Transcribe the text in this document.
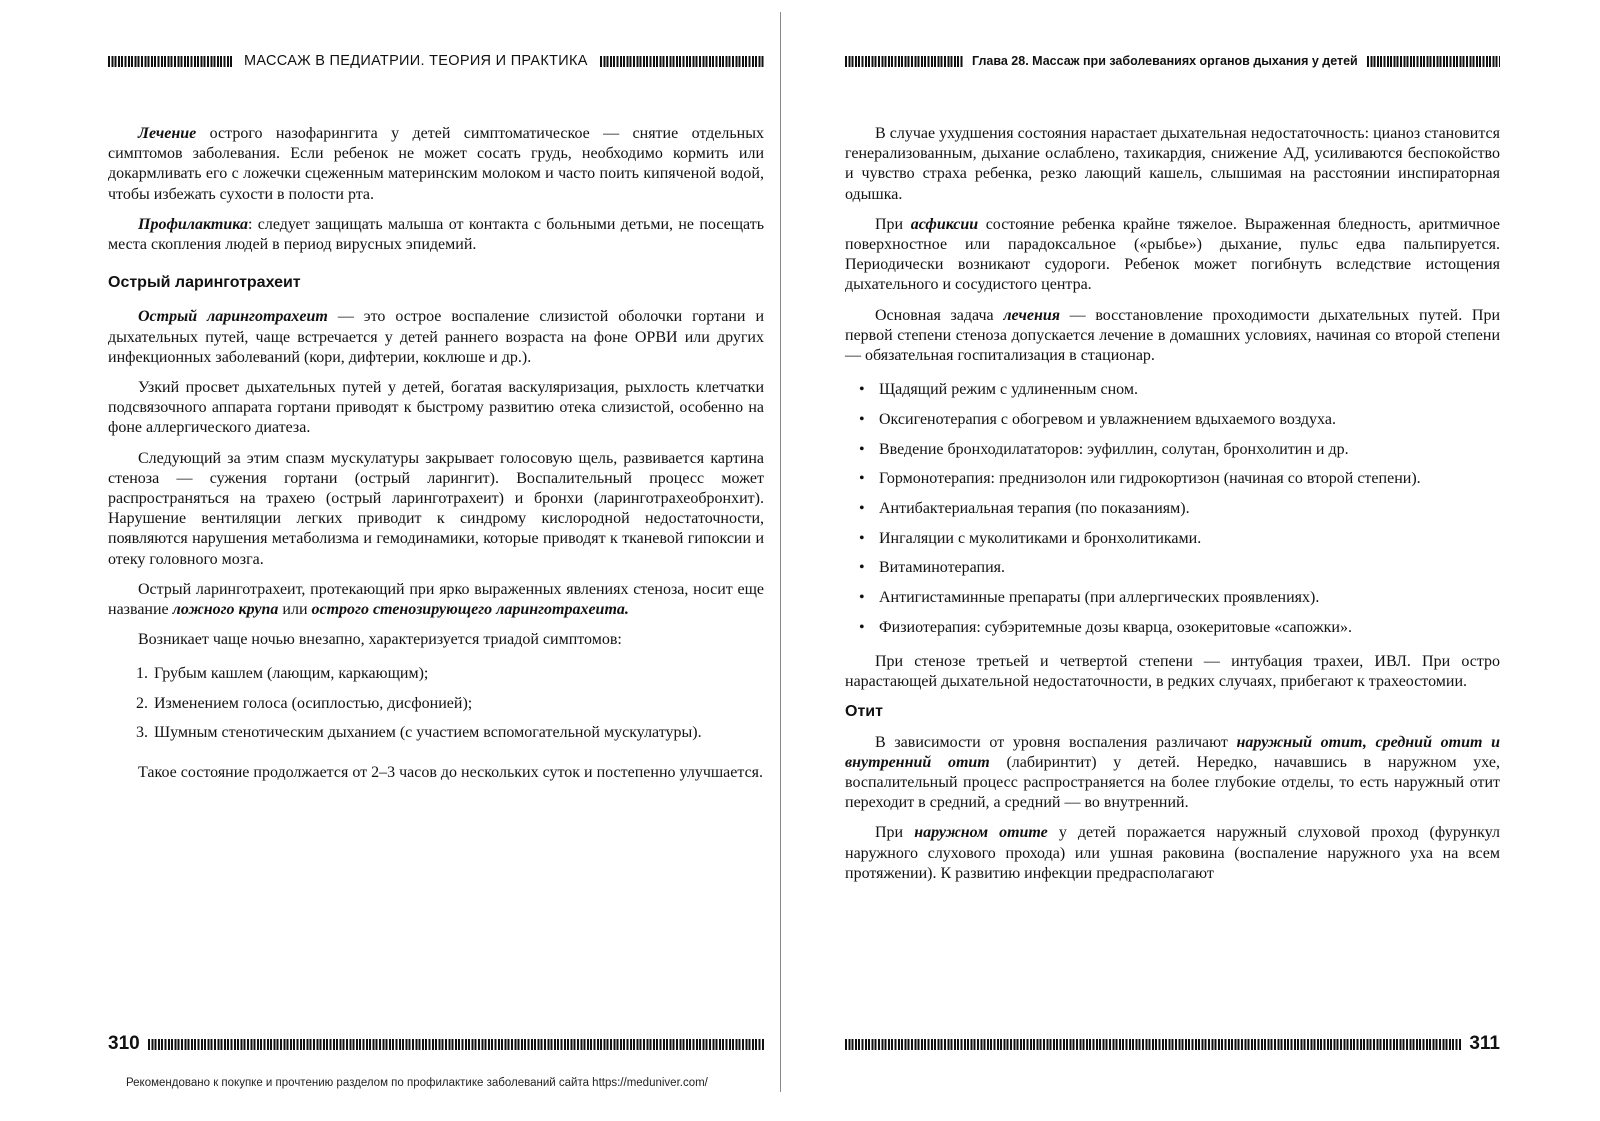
МАССАЖ В ПЕДИАТРИИ. ТЕОРИЯ И ПРАКТИКА

Лечение острого назофарингита у детей симптоматическое — снятие отдельных симптомов заболевания. Если ребенок не может сосать грудь, необходимо кормить или докармливать его с ложечки сцеженным материнским молоком и часто поить кипяченой водой, чтобы избежать сухости в полости рта.

Профилактика: следует защищать малыша от контакта с больными детьми, не посещать места скопления людей в период вирусных эпидемий.

Острый ларинготрахеит

Острый ларинготрахеит — это острое воспаление слизистой оболочки гортани и дыхательных путей, чаще встречается у детей раннего возраста на фоне ОРВИ или других инфекционных заболеваний (кори, дифтерии, коклюше и др.).

Узкий просвет дыхательных путей у детей, богатая васкуляризация, рыхлость клетчатки подсвязочного аппарата гортани приводят к быстрому развитию отека слизистой, особенно на фоне аллергического диатеза.

Следующий за этим спазм мускулатуры закрывает голосовую щель, развивается картина стеноза — сужения гортани (острый ларингит). Воспалительный процесс может распространяться на трахею (острый ларинготрахеит) и бронхи (ларинготрахеобронхит). Нарушение вентиляции легких приводит к синдрому кислородной недостаточности, появляются нарушения метаболизма и гемодинамики, которые приводят к тканевой гипоксии и отеку головного мозга.

Острый ларинготрахеит, протекающий при ярко выраженных явлениях стеноза, носит еще название ложного крупа или острого стенозирующего ларинготрахеита.

Возникает чаще ночью внезапно, характеризуется триадой симптомов:

1. Грубым кашлем (лающим, каркающим);
2. Изменением голоса (осиплостью, дисфонией);
3. Шумным стенотическим дыханием (с участием вспомогательной мускулатуры).

Такое состояние продолжается от 2–3 часов до нескольких суток и постепенно улучшается.

310
Глава 28. Массаж при заболеваниях органов дыхания у детей

В случае ухудшения состояния нарастает дыхательная недостаточность: цианоз становится генерализованным, дыхание ослаблено, тахикардия, снижение АД, усиливаются беспокойство и чувство страха ребенка, резко лающий кашель, слышимая на расстоянии инспираторная одышка.

При асфиксии состояние ребенка крайне тяжелое. Выраженная бледность, аритмичное поверхностное или парадоксальное («рыбье») дыхание, пульс едва пальпируется. Периодически возникают судороги. Ребенок может погибнуть вследствие истощения дыхательного и сосудистого центра.

Основная задача лечения — восстановление проходимости дыхательных путей. При первой степени стеноза допускается лечение в домашних условиях, начиная со второй степени — обязательная госпитализация в стационар.

• Щадящий режим с удлиненным сном.
• Оксигенотерапия с обогревом и увлажнением вдыхаемого воздуха.
• Введение бронходилататоров: эуфиллин, солутан, бронхолитин и др.
• Гормонотерапия: преднизолон или гидрокортизон (начиная со второй степени).
• Антибактериальная терапия (по показаниям).
• Ингаляции с муколитиками и бронхолитиками.
• Витаминотерапия.
• Антигистаминные препараты (при аллергических проявлениях).
• Физиотерапия: субэритемные дозы кварца, озокеритовые «сапожки».

При стенозе третьей и четвертой степени — интубация трахеи, ИВЛ. При остро нарастающей дыхательной недостаточности, в редких случаях, прибегают к трахеостомии.

Отит

В зависимости от уровня воспаления различают наружный отит, средний отит и внутренний отит (лабиринтит) у детей. Нередко, начавшись в наружном ухе, воспалительный процесс распространяется на более глубокие отделы, то есть наружный отит переходит в средний, а средний — во внутренний.

При наружном отите у детей поражается наружный слуховой проход (фурункул наружного слухового прохода) или ушная раковина (воспаление наружного уха на всем протяжении). К развитию инфекции предрасполагают

311
Рекомендовано к покупке и прочтению разделом по профилактике заболеваний сайта https://meduniver.com/
